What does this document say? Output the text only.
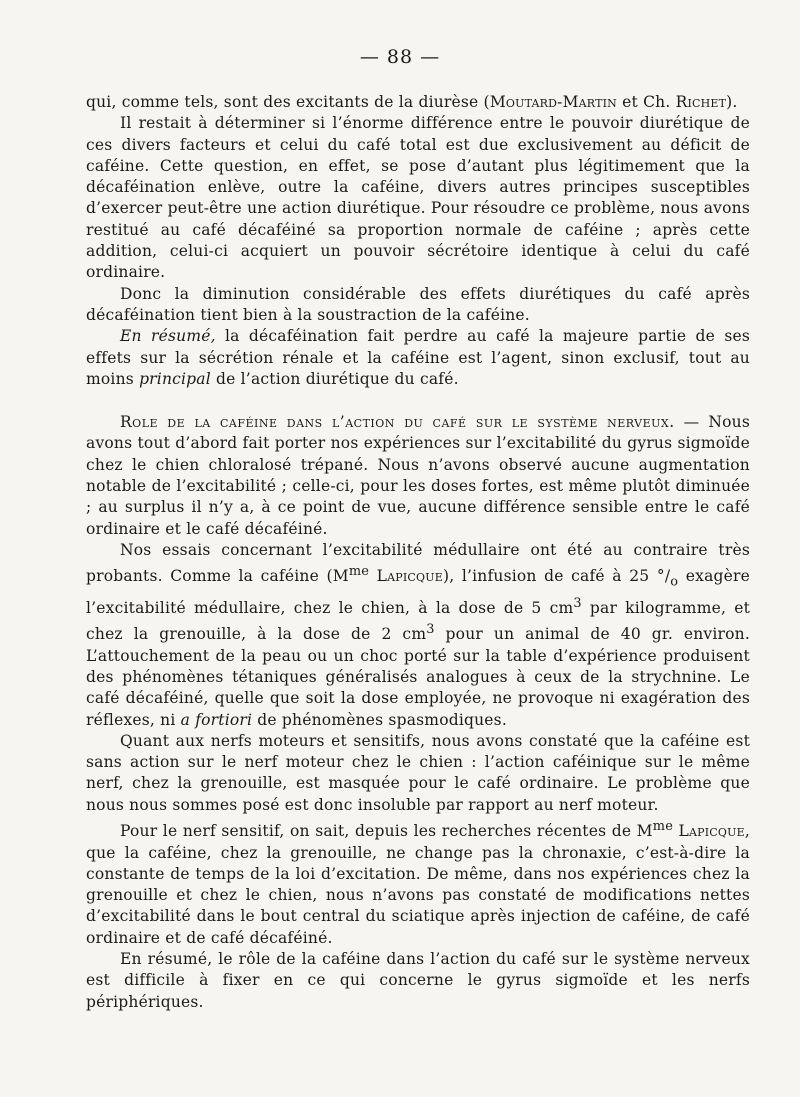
— 88 —

qui, comme tels, sont des excitants de la diurèse (Moutard-Martin et Ch. Richet).

Il restait à déterminer si l’énorme différence entre le pouvoir diurétique de ces divers facteurs et celui du café total est due exclusivement au déficit de caféine. Cette question, en effet, se pose d’autant plus légitimement que la décaféination enlève, outre la caféine, divers autres principes susceptibles d’exercer peut-être une action diurétique. Pour résoudre ce problème, nous avons restitué au café décaféiné sa proportion normale de caféine ; après cette addition, celui-ci acquiert un pouvoir sécrétoire identique à celui du café ordinaire.

Donc la diminution considérable des effets diurétiques du café après décaféination tient bien à la soustraction de la caféine.

En résumé, la décaféination fait perdre au café la majeure partie de ses effets sur la sécrétion rénale et la caféine est l’agent, sinon exclusif, tout au moins principal de l’action diurétique du café.

Role de la caféine dans l’action du café sur le système nerveux. — Nous avons tout d’abord fait porter nos expériences sur l’excitabilité du gyrus sigmoïde chez le chien chloralosé trépané. Nous n’avons observé aucune augmentation notable de l’excitabilité ; celle-ci, pour les doses fortes, est même plutôt diminuée ; au surplus il n’y a, à ce point de vue, aucune différence sensible entre le café ordinaire et le café décaféiné.

Nos essais concernant l’excitabilité médullaire ont été au contraire très probants. Comme la caféine ($M^{me}$ Lapicque), l’infusion de café à 25 $^\circ/_o$ exagère l’excitabilité médullaire, chez le chien, à la dose de 5 $cm^3$ par kilogramme, et chez la grenouille, à la dose de 2 $cm^3$ pour un animal de 40 gr. environ. L’attouchement de la peau ou un choc porté sur la table d’expérience produisent des phénomènes tétaniques généralisés analogues à ceux de la strychnine. Le café décaféiné, quelle que soit la dose employée, ne provoque ni exagération des réflexes, ni a fortiori de phénomènes spasmodiques.

Quant aux nerfs moteurs et sensitifs, nous avons constaté que la caféine est sans action sur le nerf moteur chez le chien : l’action caféinique sur le même nerf, chez la grenouille, est masquée pour le café ordinaire. Le problème que nous nous sommes posé est donc insoluble par rapport au nerf moteur.

Pour le nerf sensitif, on sait, depuis les recherches récentes de $M^{me}$ Lapicque, que la caféine, chez la grenouille, ne change pas la chronaxie, c’est-à-dire la constante de temps de la loi d’excitation. De même, dans nos expériences chez la grenouille et chez le chien, nous n’avons pas constaté de modifications nettes d’excitabilité dans le bout central du sciatique après injection de caféine, de café ordinaire et de café décaféiné.

En résumé, le rôle de la caféine dans l’action du café sur le système nerveux est difficile à fixer en ce qui concerne le gyrus sigmoïde et les nerfs périphériques.
